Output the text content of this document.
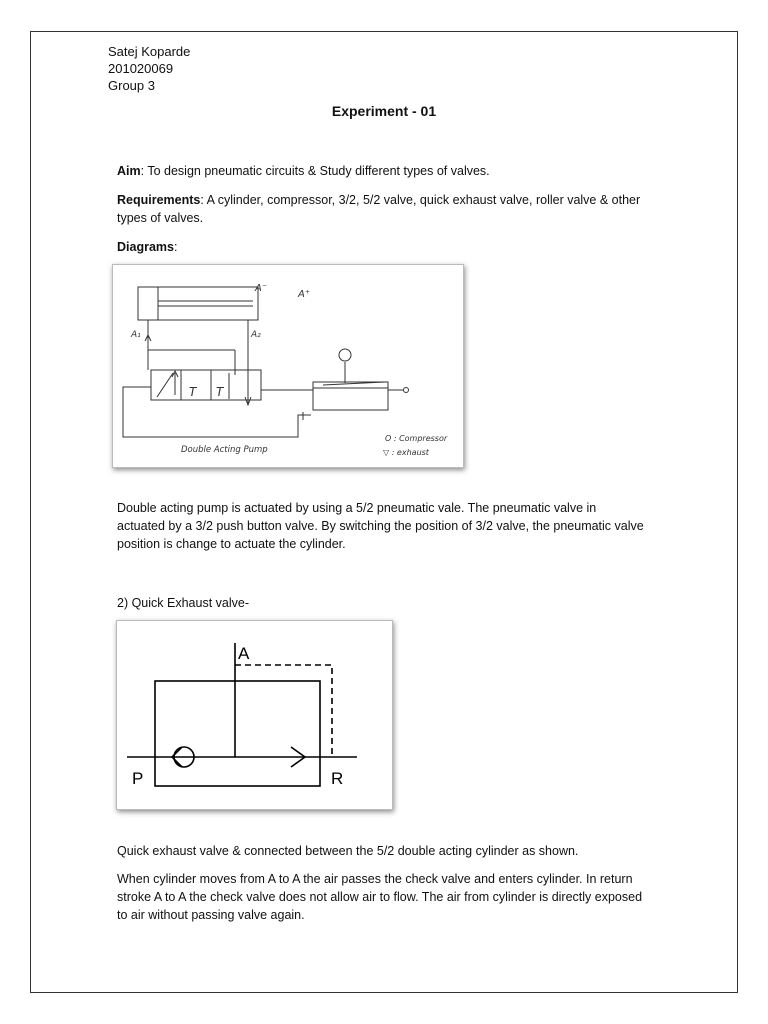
Satej Koparde
201020069
Group 3
Experiment - 01
Aim: To design pneumatic circuits & Study different types of valves.
Requirements: A cylinder, compressor, 3/2, 5/2 valve, quick exhaust valve, roller valve & other types of valves.
Diagrams:
A⁻
A⁺
A₁	A₂
T T
Double Acting Pump
O : Compressor
▽ : exhaust
Double acting pump is actuated by using a 5/2 pneumatic vale. The pneumatic valve in actuated by a 3/2 push button valve. By switching the position of 3/2 valve, the pneumatic valve position is change to actuate the cylinder.
2) Quick Exhaust valve-
A
P	R
Quick exhaust valve & connected between the 5/2 double acting cylinder as shown.
When cylinder moves from A to A the air passes the check valve and enters cylinder. In return stroke A to A the check valve does not allow air to flow. The air from cylinder is directly exposed to air without passing valve again.
